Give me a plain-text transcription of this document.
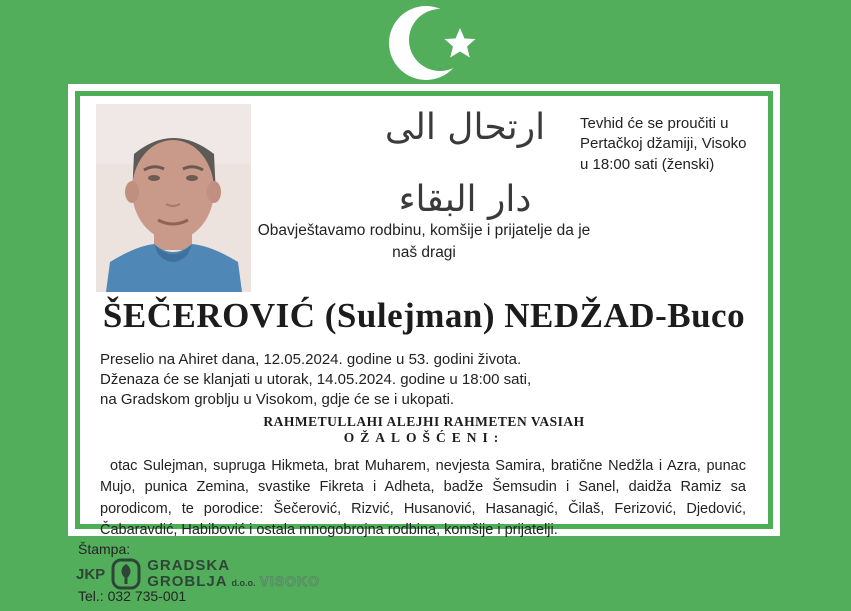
ارتحال الى دار البقاء
Tevhid će se proučiti u
Pertačkoj džamiji, Visoko
u 18:00 sati (ženski)
Obavještavamo rodbinu, komšije i prijatelje da je
naš dragi
ŠEČEROVIĆ (Sulejman) NEDŽAD-Buco
Preselio na Ahiret dana, 12.05.2024. godine u 53. godini života.
Dženaza će se klanjati u utorak, 14.05.2024. godine u 18:00 sati,
na Gradskom groblju u Visokom, gdje će se i ukopati.
RAHMETULLAHI ALEJHI RAHMETEN VASIAH
OŽALOŠĆENI:
otac Sulejman, supruga Hikmeta, brat Muharem, nevjesta Samira, bratične Nedžla i Azra, punac Mujo, punica Zemina, svastike Fikreta i Adheta, badže Šemsudin i Sanel, daidža Ramiz sa porodicom, te porodice: Šečerović, Rizvić, Husanović, Hasanagić, Čilaš, Ferizović, Djedović, Čabaravdić, Habibović i ostala mnogobrojna rodbina, komšije i prijatelji.
Štampa:
JKP	GRADSKA
GROBLJA d.o.o. VISOKO
Tel.: 032 735-001
